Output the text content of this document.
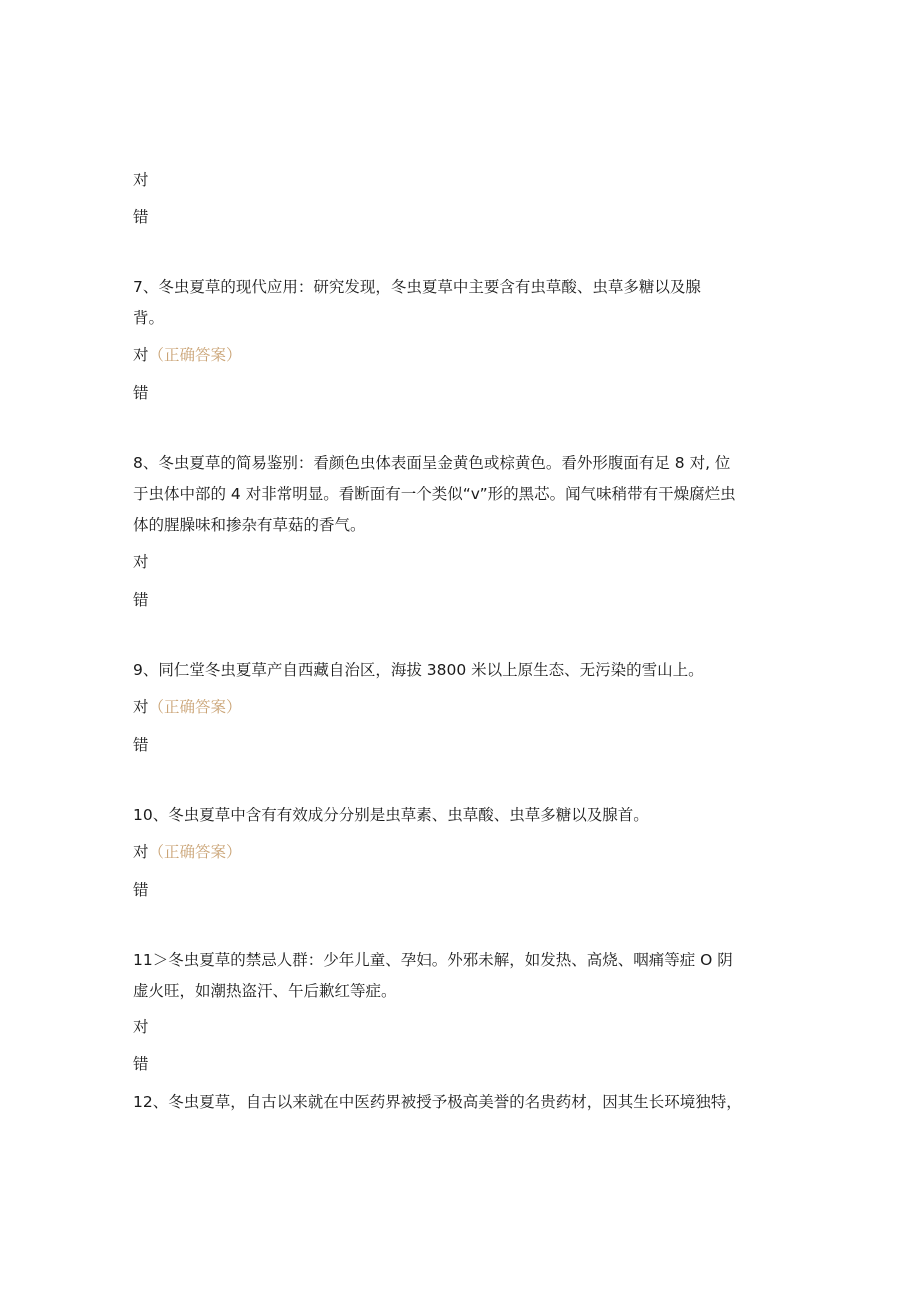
对
错
7、冬虫夏草的现代应用：研究发现，冬虫夏草中主要含有虫草酸、虫草多糖以及腺
背。
对（正确答案）
错
8、冬虫夏草的简易鉴别：看颜色虫体表面呈金黄色或棕黄色。看外形腹面有足 8 对, 位
于虫体中部的 4 对非常明显。看断面有一个类似“v”形的黑芯。闻气味稍带有干燥腐烂虫
体的腥臊味和掺杂有草菇的香气。
对
错
9、同仁堂冬虫夏草产自西藏自治区，海拔 3800 米以上原生态、无污染的雪山上。
对（正确答案）
错
10、冬虫夏草中含有有效成分分别是虫草素、虫草酸、虫草多糖以及腺首。
对（正确答案）
错
11＞冬虫夏草的禁忌人群：少年儿童、孕妇。外邪未解，如发热、高烧、咽痛等症 O 阴
虚火旺，如潮热盗汗、午后歉红等症。
对
错
12、冬虫夏草，自古以来就在中医药界被授予极高美誉的名贵药材，因其生长环境独特，
